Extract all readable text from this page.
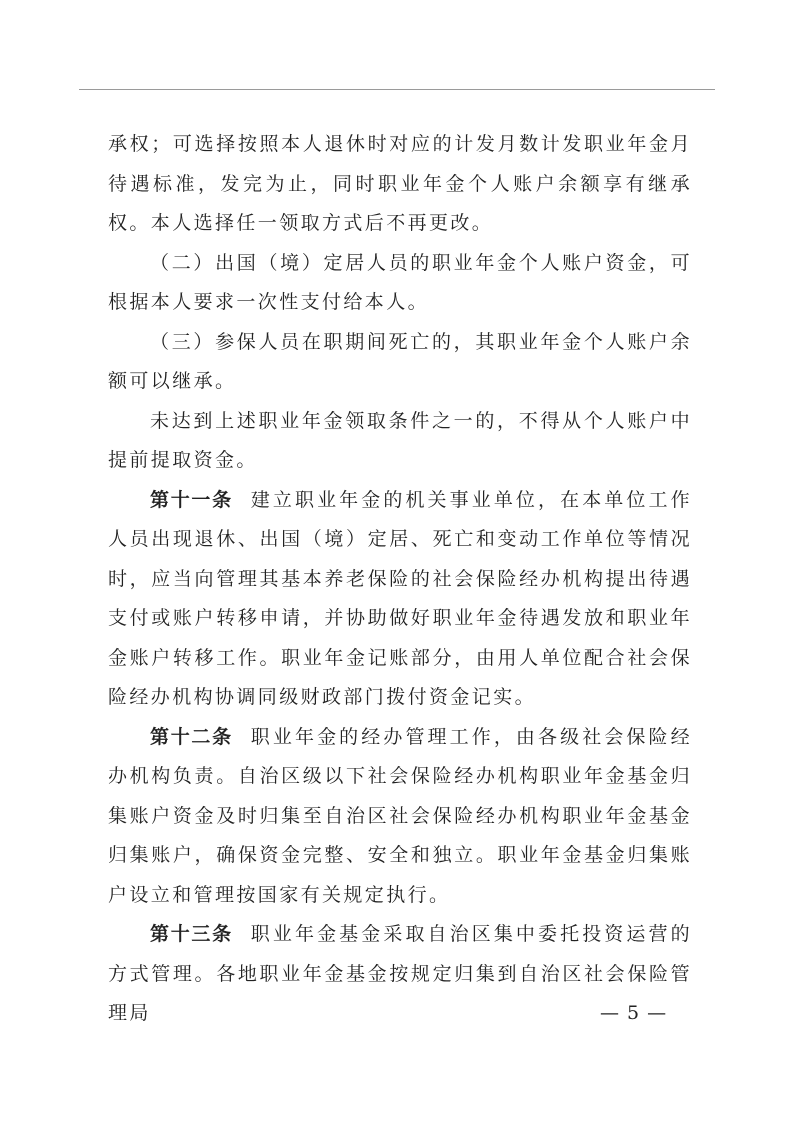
承权；可选择按照本人退休时对应的计发月数计发职业年金月待遇标准，发完为止，同时职业年金个人账户余额享有继承权。本人选择任一领取方式后不再更改。

（二）出国（境）定居人员的职业年金个人账户资金，可根据本人要求一次性支付给本人。

（三）参保人员在职期间死亡的，其职业年金个人账户余额可以继承。

未达到上述职业年金领取条件之一的，不得从个人账户中提前提取资金。

第十一条 建立职业年金的机关事业单位，在本单位工作人员出现退休、出国（境）定居、死亡和变动工作单位等情况时，应当向管理其基本养老保险的社会保险经办机构提出待遇支付或账户转移申请，并协助做好职业年金待遇发放和职业年金账户转移工作。职业年金记账部分，由用人单位配合社会保险经办机构协调同级财政部门拨付资金记实。

第十二条 职业年金的经办管理工作，由各级社会保险经办机构负责。自治区级以下社会保险经办机构职业年金基金归集账户资金及时归集至自治区社会保险经办机构职业年金基金归集账户，确保资金完整、安全和独立。职业年金基金归集账户设立和管理按国家有关规定执行。

第十三条 职业年金基金采取自治区集中委托投资运营的方式管理。各地职业年金基金按规定归集到自治区社会保险管理局	— 5 —
